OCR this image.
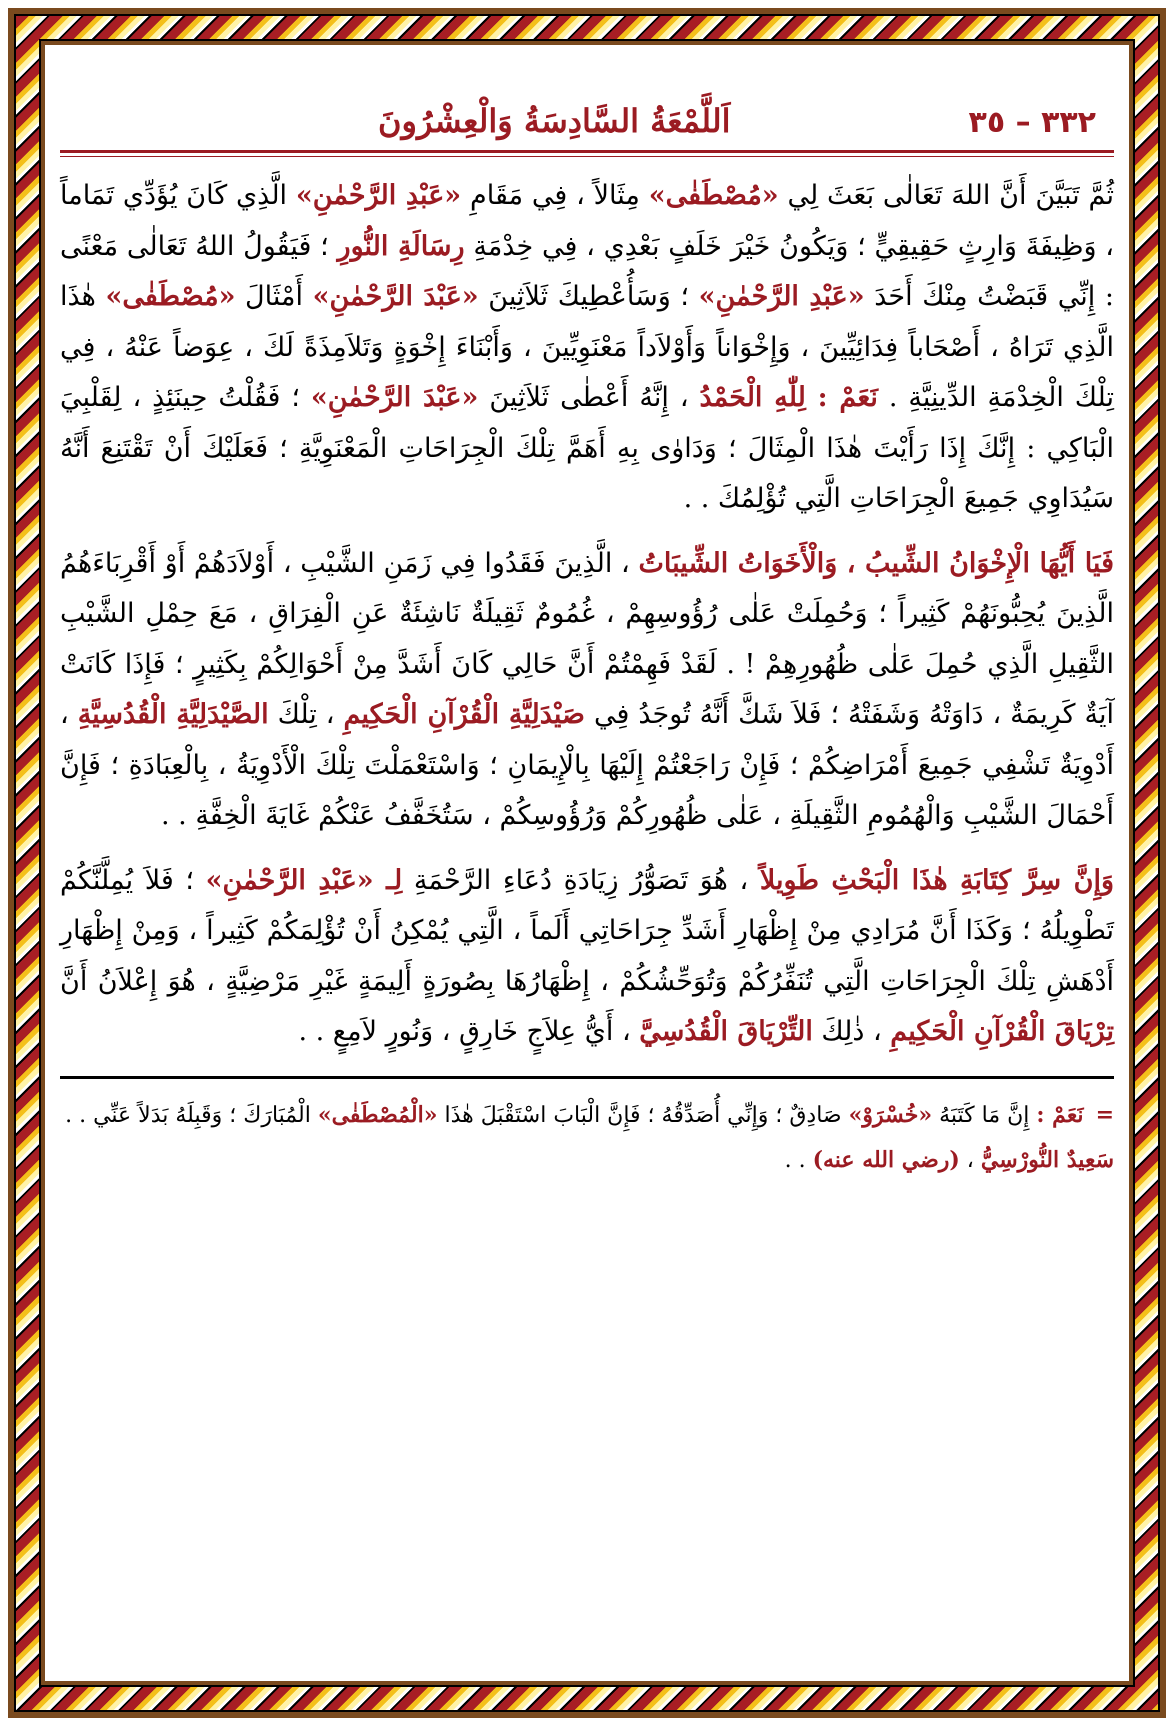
٣٣٢ – ٣٥
اَللَّمْعَةُ السَّادِسَةُ وَالْعِشْرُونَ

ثُمَّ تَبَيَّنَ أَنَّ اللهَ تَعَالٰى بَعَثَ لِي «مُصْطَفٰى» مِثَالاً ، فِي مَقَامِ «عَبْدِ الرَّحْمٰنِ» الَّذِي كَانَ يُؤَدِّي تَمَاماً ، وَظِيفَةَ وَارِثٍ حَقِيقِيٍّ ؛ وَيَكُونُ خَيْرَ خَلَفٍ بَعْدِي ، فِي خِدْمَةِ رِسَالَةِ النُّورِ ؛ فَيَقُولُ اللهُ تَعَالٰى مَعْنًى : إِنِّي قَبَضْتُ مِنْكَ أَحَدَ «عَبْدِ الرَّحْمٰنِ» ؛ وَسَأُعْطِيكَ ثَلاَثِينَ «عَبْدَ الرَّحْمٰنِ» أَمْثَالَ «مُصْطَفٰى» هٰذَا الَّذِي تَرَاهُ ، أَصْحَاباً فِدَائِيِّينَ ، وَإِخْوَاناً وَأَوْلاَداً مَعْنَوِيِّينَ ، وَأَبْنَاءَ إِخْوَةٍ وَتَلاَمِذَةً لَكَ ، عِوَضاً عَنْهُ ، فِي تِلْكَ الْخِدْمَةِ الدِّينِيَّةِ . نَعَمْ : لِلّٰهِ الْحَمْدُ ، إِنَّهُ أَعْطٰى ثَلاَثِينَ «عَبْدَ الرَّحْمٰنِ» ؛ فَقُلْتُ حِينَئِذٍ ، لِقَلْبِيَ الْبَاكِي : إِنَّكَ إِذَا رَأَيْتَ هٰذَا الْمِثَالَ ؛ وَدَاوٰى بِهِ أَهَمَّ تِلْكَ الْجِرَاحَاتِ الْمَعْنَوِيَّةِ ؛ فَعَلَيْكَ أَنْ تَقْتَنِعَ أَنَّهُ سَيُدَاوِي جَمِيعَ الْجِرَاحَاتِ الَّتِي تُؤْلِمُكَ . .

فَيَا أَيُّهَا الْإِخْوَانُ الشِّيبُ ، وَالْأَخَوَاتُ الشِّيبَاتُ ، الَّذِينَ فَقَدُوا فِي زَمَنِ الشَّيْبِ ، أَوْلاَدَهُمْ أَوْ أَقْرِبَاءَهُمُ الَّذِينَ يُحِبُّونَهُمْ كَثِيراً ؛ وَحُمِلَتْ عَلٰى رُؤُوسِهِمْ ، غُمُومٌ ثَقِيلَةٌ نَاشِئَةٌ عَنِ الْفِرَاقِ ، مَعَ حِمْلِ الشَّيْبِ الثَّقِيلِ الَّذِي حُمِلَ عَلٰى ظُهُورِهِمْ ! . لَقَدْ فَهِمْتُمْ أَنَّ حَالِي كَانَ أَشَدَّ مِنْ أَحْوَالِكُمْ بِكَثِيرٍ ؛ فَإِذَا كَانَتْ آيَةٌ كَرِيمَةٌ ، دَاوَتْهُ وَشَفَتْهُ ؛ فَلاَ شَكَّ أَنَّهُ تُوجَدُ فِي صَيْدَلِيَّةِ الْقُرْآنِ الْحَكِيمِ ، تِلْكَ الصَّيْدَلِيَّةِ الْقُدُسِيَّةِ ، أَدْوِيَةٌ تَشْفِي جَمِيعَ أَمْرَاضِكُمْ ؛ فَإِنْ رَاجَعْتُمْ إِلَيْهَا بِالْإِيمَانِ ؛ وَاسْتَعْمَلْتَ تِلْكَ الْأَدْوِيَةُ ، بِالْعِبَادَةِ ؛ فَإِنَّ أَحْمَالَ الشَّيْبِ وَالْهُمُومِ الثَّقِيلَةِ ، عَلٰى ظُهُورِكُمْ وَرُؤُوسِكُمْ ، سَتُخَفَّفُ عَنْكُمْ غَايَةَ الْخِفَّةِ . .

وَإِنَّ سِرَّ كِتَابَةِ هٰذَا الْبَحْثِ طَوِيلاً ، هُوَ تَصَوُّرُ زِيَادَةِ دُعَاءِ الرَّحْمَةِ لِـ «عَبْدِ الرَّحْمٰنِ» ؛ فَلاَ يُمِلَّنَّكُمْ تَطْوِيلُهُ ؛ وَكَذَا أَنَّ مُرَادِي مِنْ إِظْهَارِ أَشَدِّ جِرَاحَاتِي أَلَماً ، الَّتِي يُمْكِنُ أَنْ تُؤْلِمَكُمْ كَثِيراً ، وَمِنْ إِظْهَارِ أَدْهَشِ تِلْكَ الْجِرَاحَاتِ الَّتِي تُنَفِّرُكُمْ وَتُوَحِّشُكُمْ ، إِظْهَارُهَا بِصُورَةٍ أَلِيمَةٍ غَيْرِ مَرْضِيَّةٍ ، هُوَ إِعْلاَنُ أَنَّ تِرْيَاقَ الْقُرْآنِ الْحَكِيمِ ، ذٰلِكَ التِّرْيَاقَ الْقُدُسِيَّ ، أَيُّ عِلاَجٍ خَارِقٍ ، وَنُورٍ لاَمِعٍ . .

=نَعَمْ : إِنَّ مَا كَتَبَهُ «خُسْرَوْ» صَادِقٌ ؛ وَإِنِّي أُصَدِّقُهُ ؛ فَإِنَّ الْبَابَ اسْتَقْبَلَ هٰذَا «الْمُصْطَفٰى» الْمُبَارَكَ ؛ وَقَبِلَهُ بَدَلاً عَنِّي . . سَعِيدٌ النُّورْسِيُّ ، (رضي الله عنه) . .
